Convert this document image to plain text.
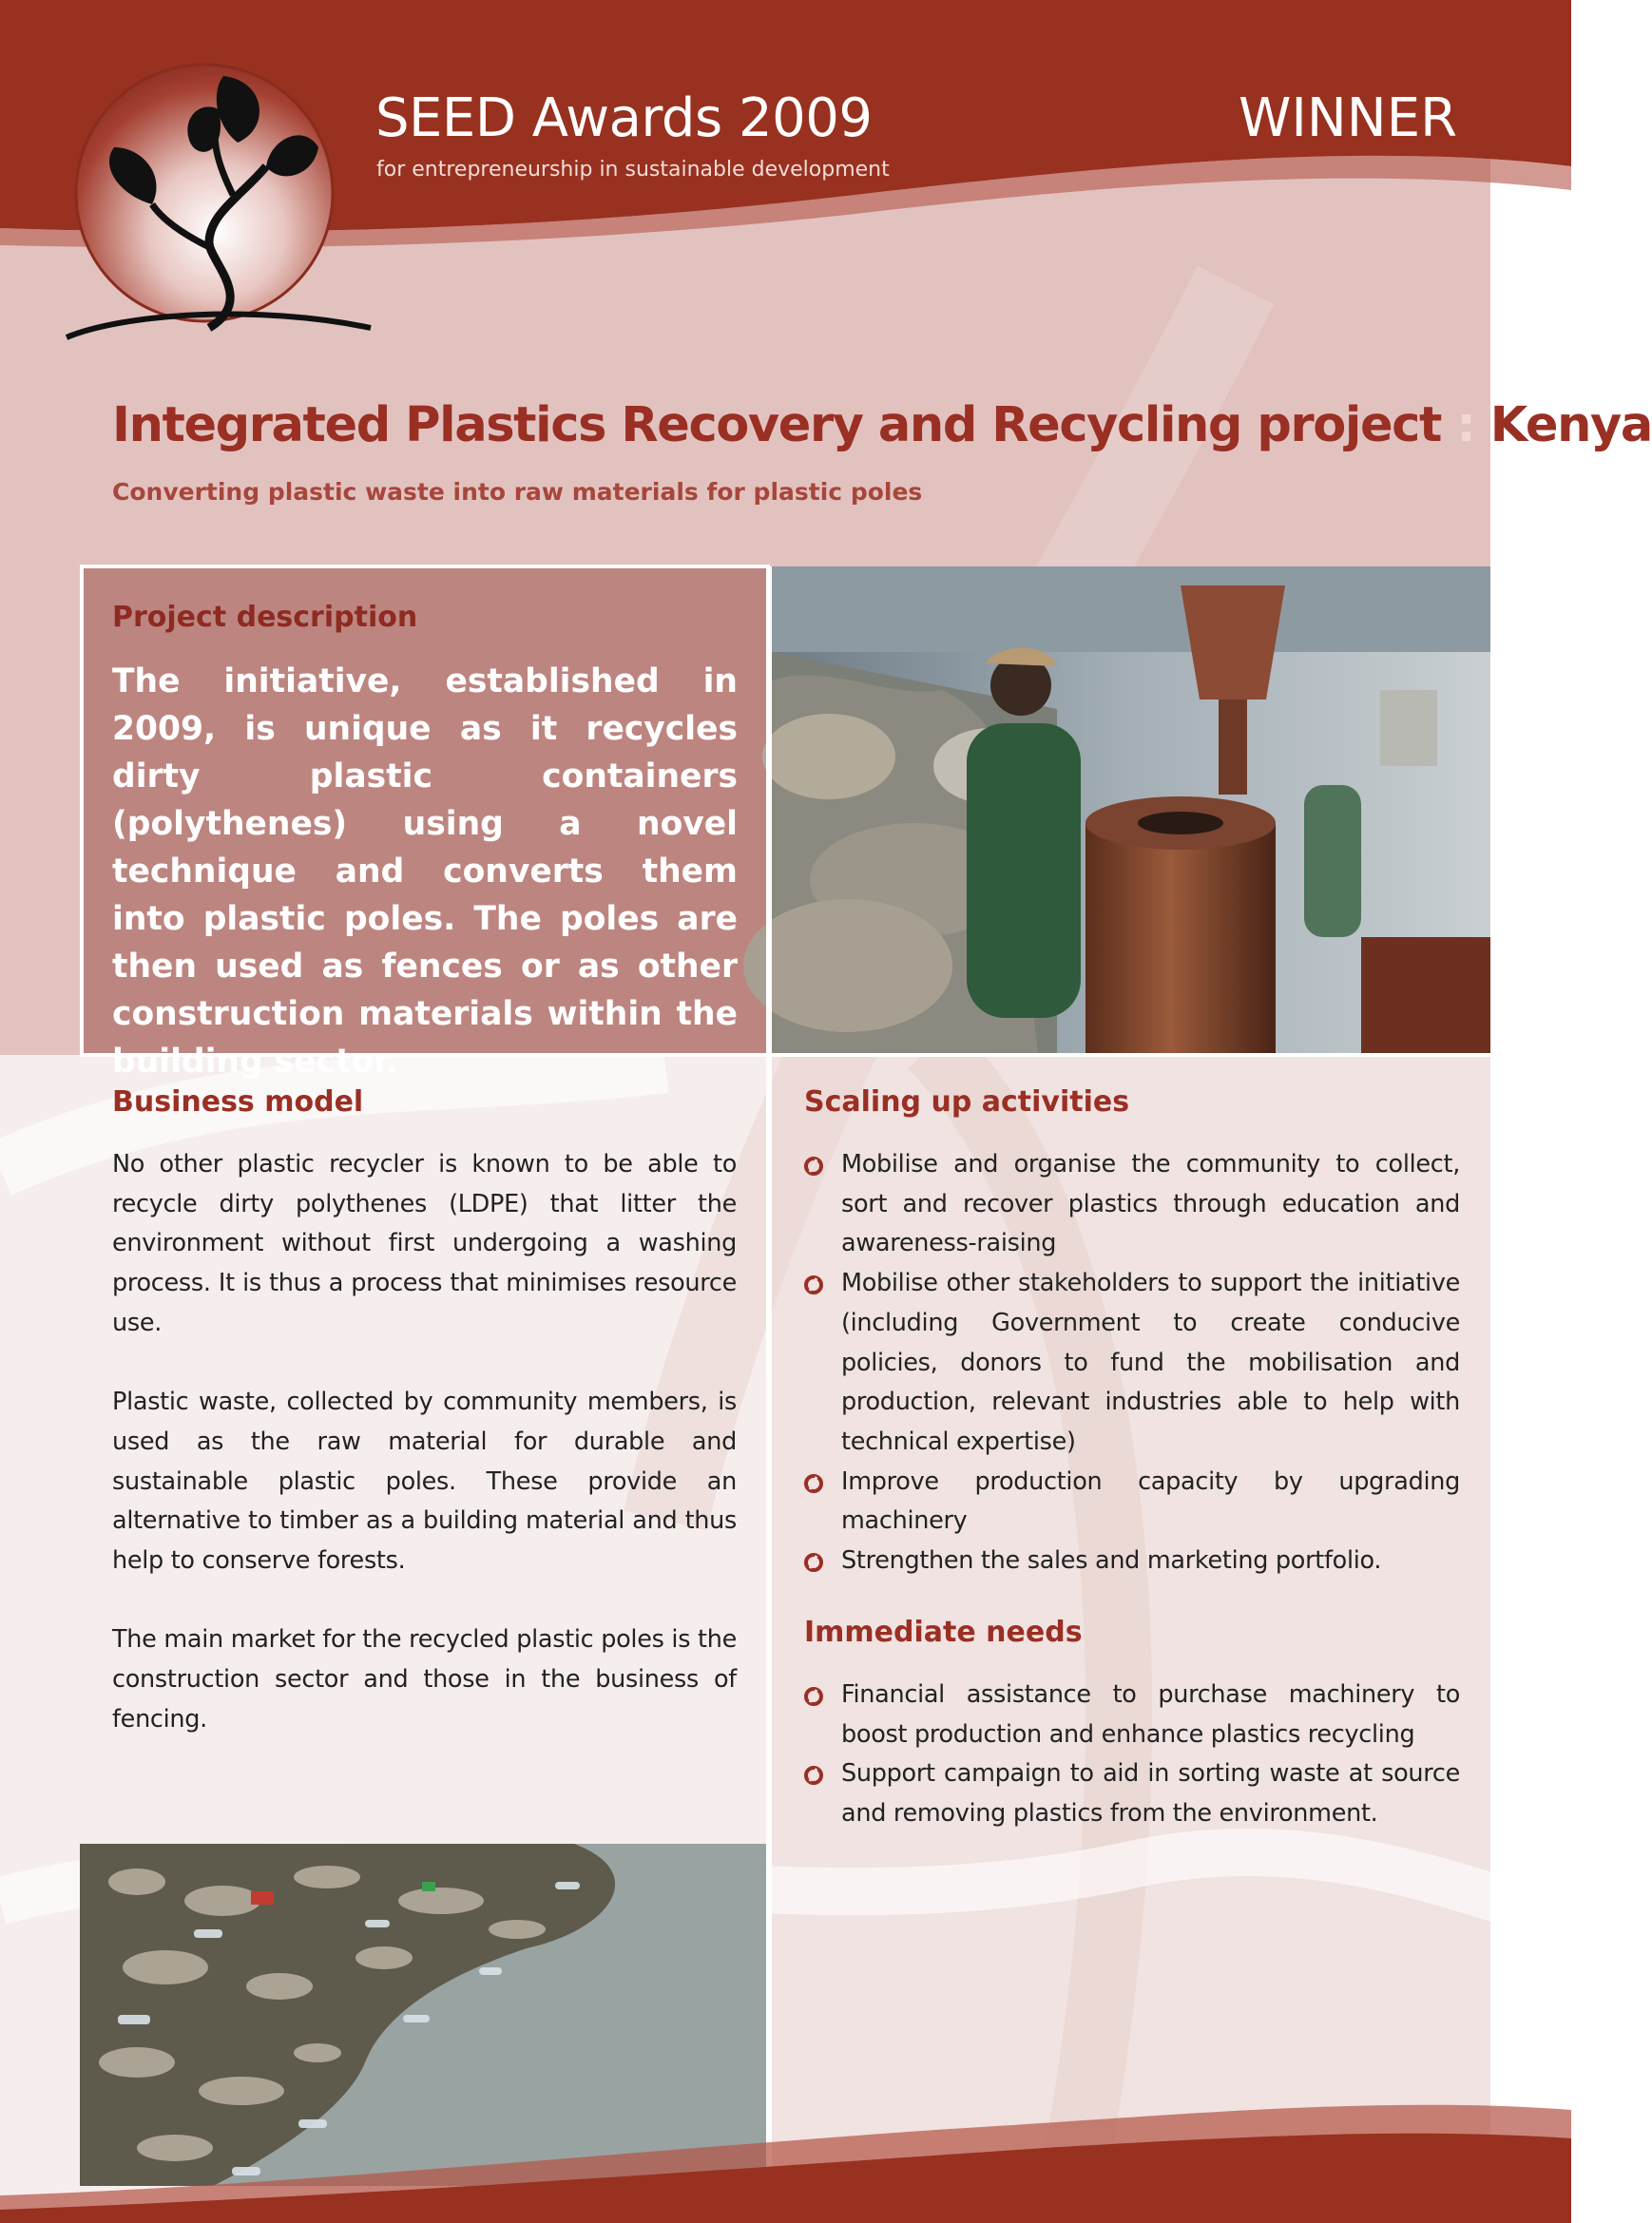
SEED Awards 2009
for entrepreneurship in sustainable development
WINNER
Integrated Plastics Recovery and Recycling project : Kenya
Converting plastic waste into raw materials for plastic poles
Project description
The initiative, established in 2009, is unique as it recycles dirty plastic containers (polythenes) using a novel technique and converts them into plastic poles. The poles are then used as fences or as other construction materials within the building sector.
Business model

No other plastic recycler is known to be able to recycle dirty polythenes (LDPE) that litter the environment without first undergoing a washing process. It is thus a process that minimises resource use.

Plastic waste, collected by community members, is used as the raw material for durable and sustainable plastic poles. These provide an alternative to timber as a building material and thus help to conserve forests.

The main market for the recycled plastic poles is the construction sector and those in the business of fencing.

Scaling up activities
Mobilise and organise the community to collect, sort and recover plastics through education and awareness-raising
Mobilise other stakeholders to support the initiative (including Government to create conducive policies, donors to fund the mobilisation and production, relevant industries able to help with technical expertise)
Improve production capacity by upgrading machinery
Strengthen the sales and marketing portfolio.
Immediate needs
Financial assistance to purchase machinery to boost production and enhance plastics recycling
Support campaign to aid in sorting waste at source and removing plastics from the environment.
